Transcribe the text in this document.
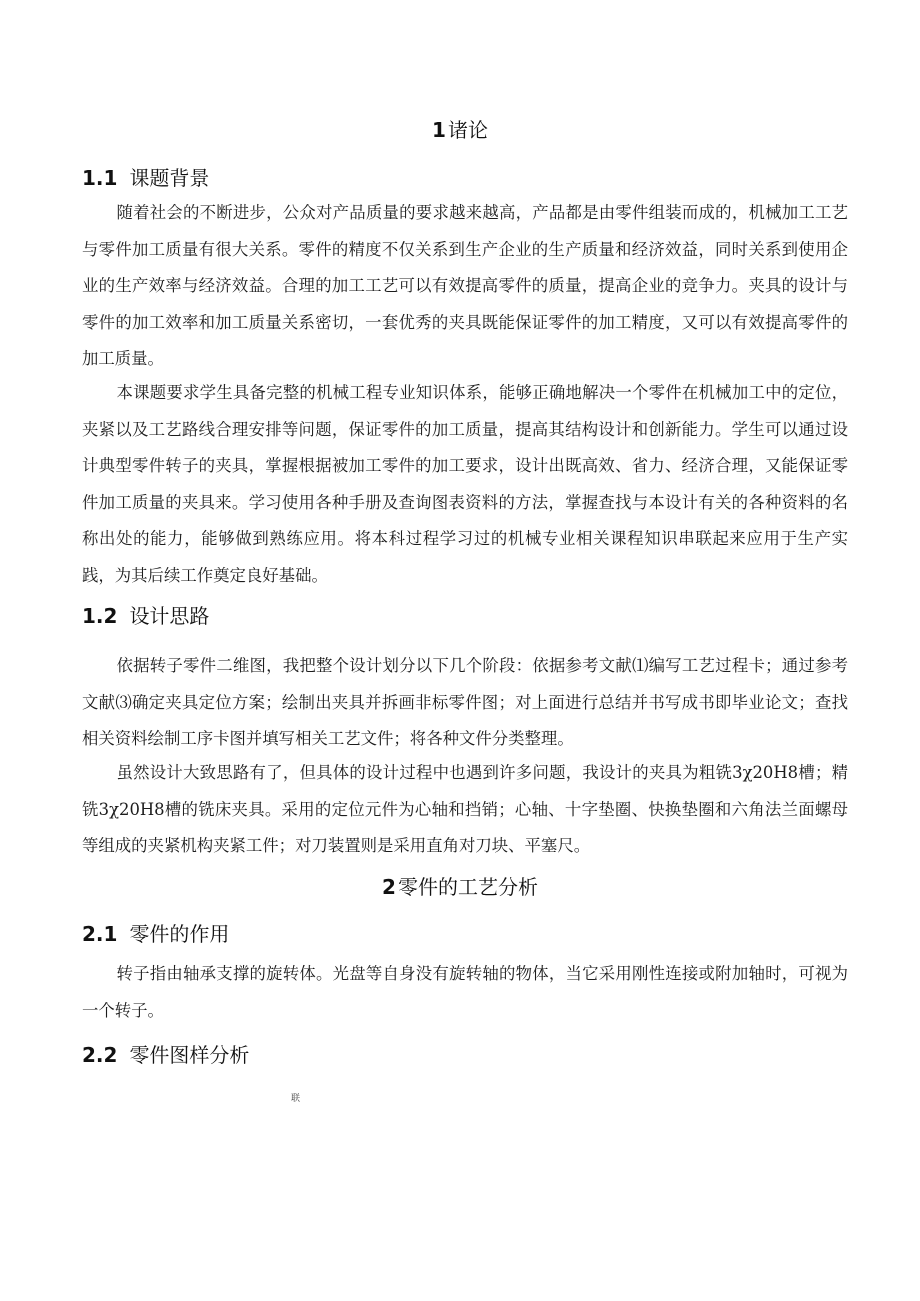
1 诸论
1.1 课题背景

随着社会的不断进步，公众对产品质量的要求越来越高，产品都是由零件组装而成的，机械加工工艺与零件加工质量有很大关系。零件的精度不仅关系到生产企业的生产质量和经济效益，同时关系到使用企业的生产效率与经济效益。合理的加工工艺可以有效提高零件的质量，提高企业的竞争力。夹具的设计与零件的加工效率和加工质量关系密切，一套优秀的夹具既能保证零件的加工精度，又可以有效提高零件的加工质量。

本课题要求学生具备完整的机械工程专业知识体系，能够正确地解决一个零件在机械加工中的定位，夹紧以及工艺路线合理安排等问题，保证零件的加工质量，提高其结构设计和创新能力。学生可以通过设计典型零件转子的夹具，掌握根据被加工零件的加工要求，设计出既高效、省力、经济合理，又能保证零件加工质量的夹具来。学习使用各种手册及查询图表资料的方法，掌握查找与本设计有关的各种资料的名称出处的能力，能够做到熟练应用。将本科过程学习过的机械专业相关课程知识串联起来应用于生产实践，为其后续工作奠定良好基础。

1.2 设计思路

依据转子零件二维图，我把整个设计划分以下几个阶段：依据参考文献⑴编写工艺过程卡；通过参考文献⑶确定夹具定位方案；绘制出夹具并拆画非标零件图；对上面进行总结并书写成书即毕业论文；查找相关资料绘制工序卡图并填写相关工艺文件；将各种文件分类整理。

虽然设计大致思路有了，但具体的设计过程中也遇到许多问题，我设计的夹具为粗铣3χ20H8槽；精铣3χ20H8槽的铣床夹具。采用的定位元件为心轴和挡销；心轴、十字垫圈、快换垫圈和六角法兰面螺母等组成的夹紧机构夹紧工件；对刀装置则是采用直角对刀块、平塞尺。

2 零件的工艺分析
2.1 零件的作用

转子指由轴承支撑的旋转体。光盘等自身没有旋转轴的物体，当它采用刚性连接或附加轴时，可视为一个转子。

2.2 零件图样分析
联
